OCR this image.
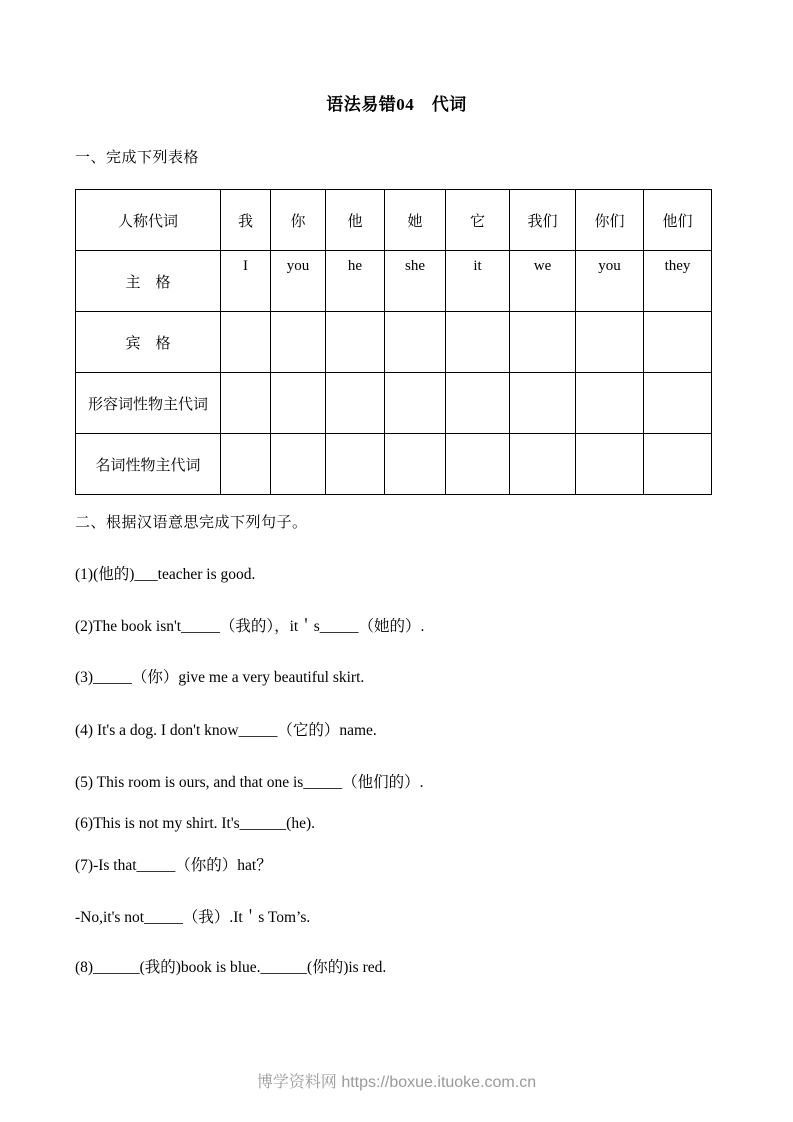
语法易错04　代词
一、完成下列表格
人称代词	我	你	他	她	它	我们	你们	他们
主　格	I	you	he	she	it	we	you	they
宾　格								
形容词性物主代词								
名词性物主代词								
二、根据汉语意思完成下列句子。
(1)(他的)___teacher is good.
(2)The book isn't_____（我的），it＇s_____（她的）.
(3)_____（你）give me a very beautiful skirt.
(4) It's a dog. I don't know_____（它的）name.
(5) This room is ours, and that one is_____（他们的）.
(6)This is not my shirt. It's______(he).
(7)-Is that_____（你的）hat？
-No,it's not_____（我）.It＇s Tom’s.
(8)______(我的)book is blue.______(你的)is red.
博学资料网 https://boxue.ituoke.com.cn
